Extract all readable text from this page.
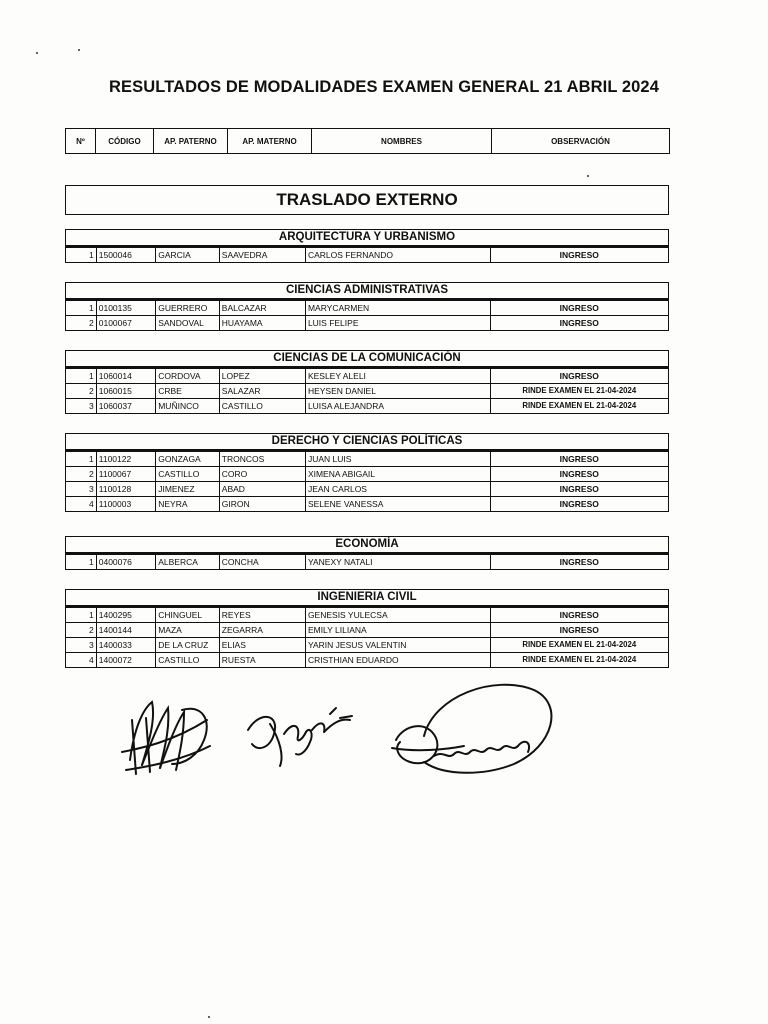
RESULTADOS DE MODALIDADES EXAMEN GENERAL 21 ABRIL 2024
Nº	CÓDIGO	AP. PATERNO	AP. MATERNO	NOMBRES	OBSERVACIÓN
TRASLADO EXTERNO
ARQUITECTURA Y URBANISMO
1	1500046	GARCIA	SAAVEDRA	CARLOS FERNANDO	INGRESO
CIENCIAS ADMINISTRATIVAS
1	0100135	GUERRERO	BALCAZAR	MARYCARMEN	INGRESO
2	0100067	SANDOVAL	HUAYAMA	LUIS FELIPE	INGRESO
CIENCIAS DE LA COMUNICACIÓN
1	1060014	CORDOVA	LOPEZ	KESLEY ALELI	INGRESO
2	1060015	CRBE	SALAZAR	HEYSEN DANIEL	RINDE EXAMEN EL 21-04-2024
3	1060037	MUÑINCO	CASTILLO	LUISA ALEJANDRA	RINDE EXAMEN EL 21-04-2024
DERECHO Y CIENCIAS POLÍTICAS
1	1100122	GONZAGA	TRONCOS	JUAN LUIS	INGRESO
2	1100067	CASTILLO	CORO	XIMENA ABIGAIL	INGRESO
3	1100128	JIMENEZ	ABAD	JEAN CARLOS	INGRESO
4	1100003	NEYRA	GIRON	SELENE VANESSA	INGRESO
ECONOMÍA
1	0400076	ALBERCA	CONCHA	YANEXY NATALI	INGRESO
INGENIERIA CIVIL
1	1400295	CHINGUEL	REYES	GENESIS YULECSA	INGRESO
2	1400144	MAZA	ZEGARRA	EMILY LILIANA	INGRESO
3	1400033	DE LA CRUZ	ELIAS	YARIN JESUS VALENTIN	RINDE EXAMEN EL 21-04-2024
4	1400072	CASTILLO	RUESTA	CRISTHIAN EDUARDO	RINDE EXAMEN EL 21-04-2024
